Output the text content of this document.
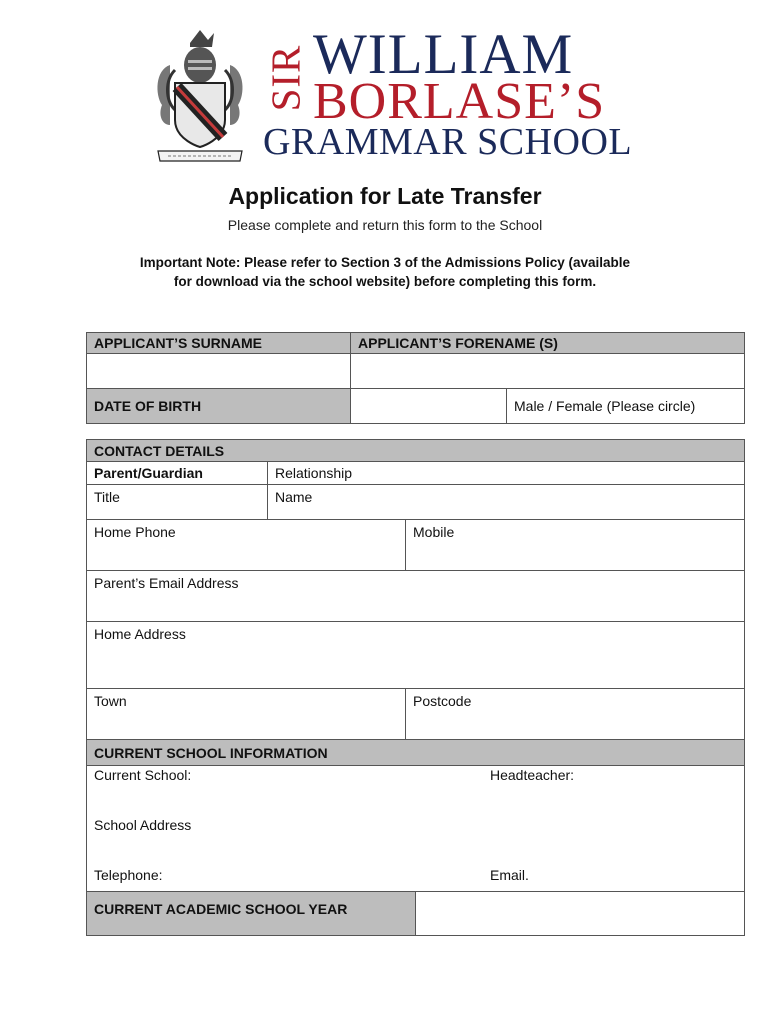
SIR WILLIAM
BORLASE’S
GRAMMAR SCHOOL
Application for Late Transfer
Please complete and return this form to the School
Important Note: Please refer to Section 3 of the Admissions Policy (available
for download via the school website) before completing this form.
APPLICANT’S SURNAME	APPLICANT’S FORENAME (S)	

DATE OF BIRTH		Male / Female (Please circle)
CONTACT DETAILS		
Parent/Guardian	Relationship	
Title	Name	
Home Phone		Mobile
Parent’s Email Address		
Home Address		
Town		Postcode
CURRENT SCHOOL INFORMATION

Current School:	Headteacher:
School Address
Telephone:	Email.

CURRENT ACADEMIC SCHOOL YEAR	
